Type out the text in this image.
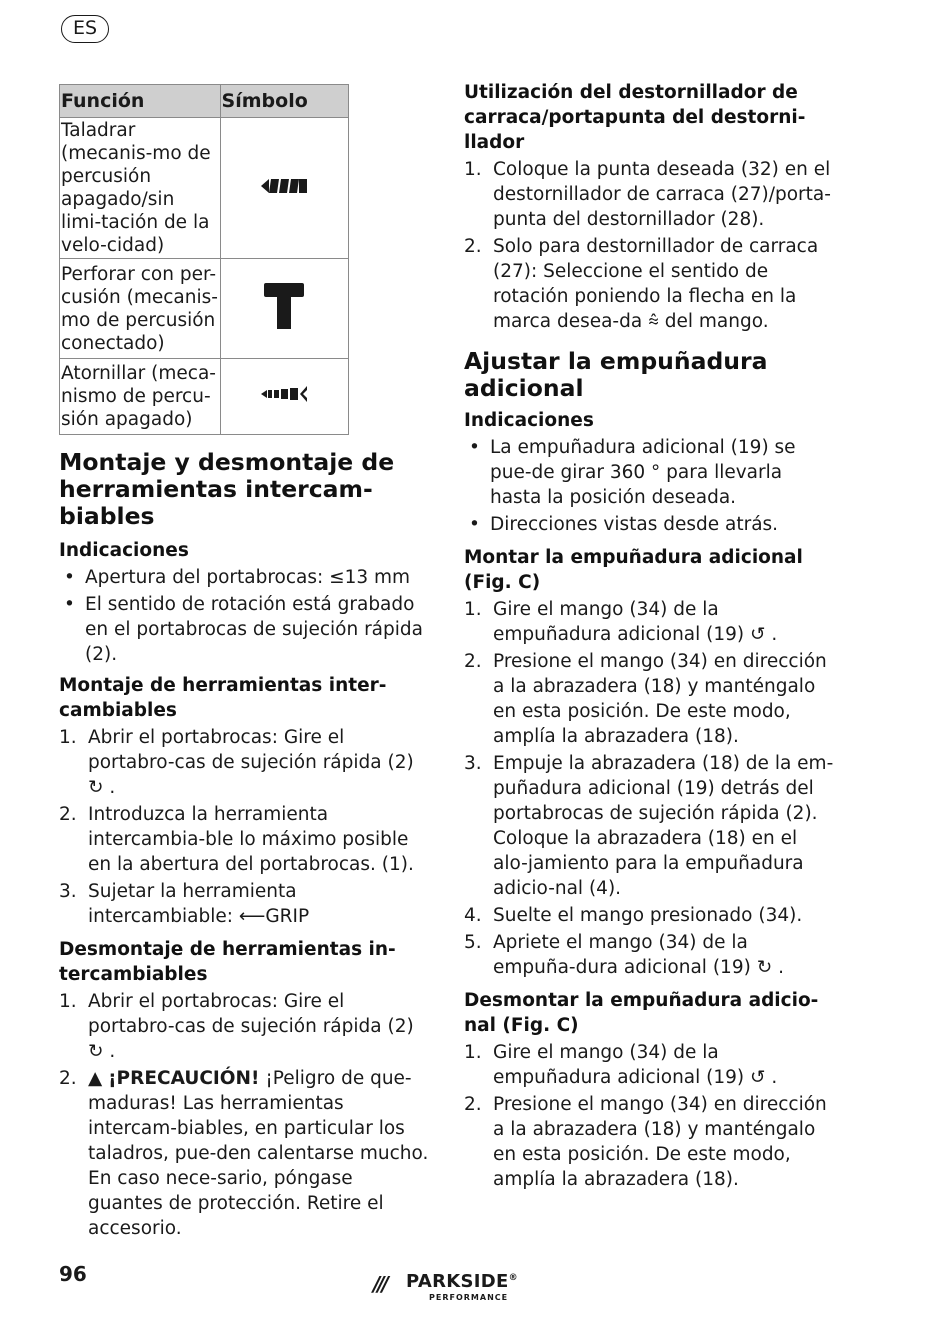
ES
Función	Símbolo
Taladrar (mecanis-mo de percusión apagado/sin limi-tación de la velo-cidad)	
Perforar con per-cusión (mecanis-mo de percusión conectado)	
Atornillar (meca-nismo de percu-sión apagado)	
Montaje y desmontaje de herramientas intercam-biables
Indicaciones
• Apertura del portabrocas: ≤13 mm
• El sentido de rotación está grabado en el portabrocas de sujeción rápida (2).
Montaje de herramientas inter-cambiables
1. Abrir el portabrocas: Gire el portabro-cas de sujeción rápida (2) ↻ .
2. Introduzca la herramienta intercambia-ble lo máximo posible en la abertura del portabrocas. (1).
3. Sujetar la herramienta intercambiable: ⟵GRIP
Desmontaje de herramientas in-tercambiables
1. Abrir el portabrocas: Gire el portabro-cas de sujeción rápida (2) ↻ .
2. ▲ ¡PRECAUCIÓN! ¡Peligro de que-maduras! Las herramientas intercam-biables, en particular los taladros, pue-den calentarse mucho. En caso nece-sario, póngase guantes de protección. Retire el accesorio.
Utilización del destornillador de carraca/portapunta del destorni-llador
1. Coloque la punta deseada (32) en el destornillador de carraca (27)/porta-punta del destornillador (28).
2. Solo para destornillador de carraca (27): Seleccione el sentido de rotación poniendo la flecha en la marca desea-da ⩯ del mango.
Ajustar la empuñadura adicional
Indicaciones
• La empuñadura adicional (19) se pue-de girar 360 ° para llevarla hasta la posición deseada.
• Direcciones vistas desde atrás.
Montar la empuñadura adicional (Fig. C)
1. Gire el mango (34) de la empuñadura adicional (19) ↺ .
2. Presione el mango (34) en dirección a la abrazadera (18) y manténgalo en esta posición. De este modo, amplía la abrazadera (18).
3. Empuje la abrazadera (18) de la em-puñadura adicional (19) detrás del portabrocas de sujeción rápida (2). Coloque la abrazadera (18) en el alo-jamiento para la empuñadura adicio-nal (4).
4. Suelte el mango presionado (34).
5. Apriete el mango (34) de la empuña-dura adicional (19) ↻ .
Desmontar la empuñadura adicio-nal (Fig. C)
1. Gire el mango (34) de la empuñadura adicional (19) ↺ .
2. Presione el mango (34) en dirección a la abrazadera (18) y manténgalo en esta posición. De este modo, amplía la abrazadera (18).
96	/// PARKSIDE®
PERFORMANCE
